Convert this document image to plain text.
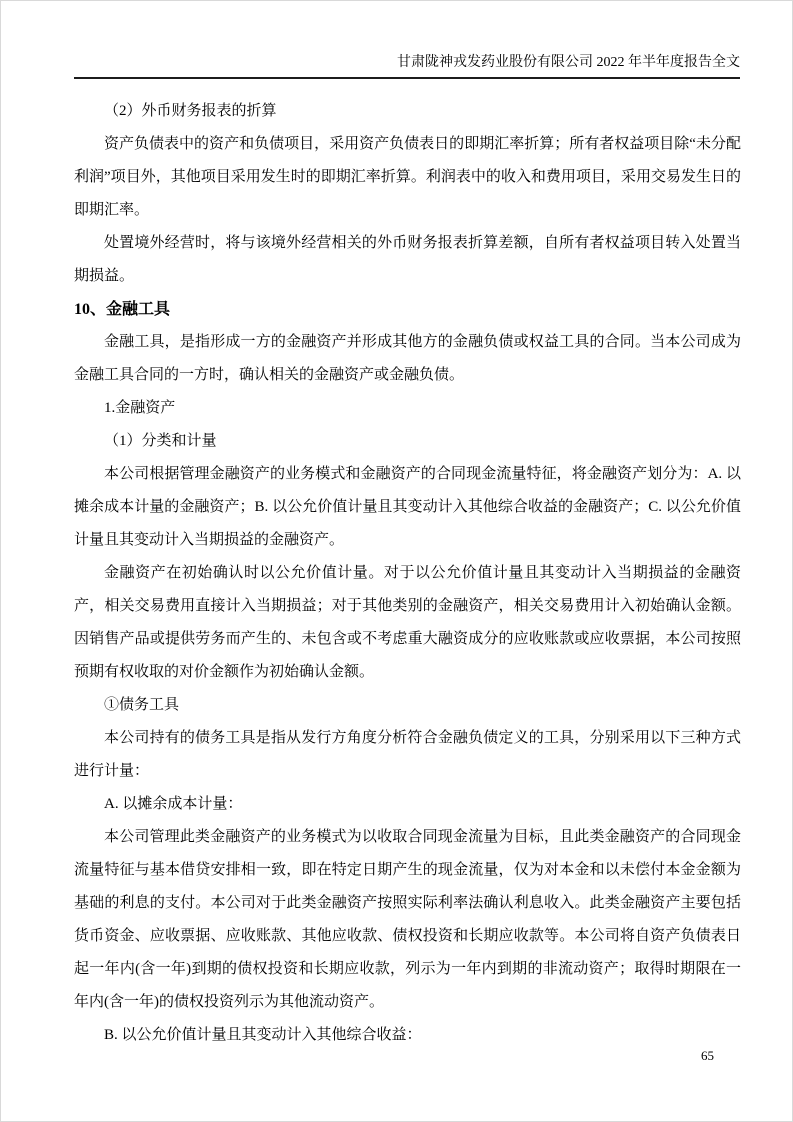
甘肃陇神戎发药业股份有限公司 2022 年半年度报告全文

（2）外币财务报表的折算

资产负债表中的资产和负债项目，采用资产负债表日的即期汇率折算；所有者权益项目除“未分配利润”项目外，其他项目采用发生时的即期汇率折算。利润表中的收入和费用项目，采用交易发生日的即期汇率。

处置境外经营时，将与该境外经营相关的外币财务报表折算差额，自所有者权益项目转入处置当期损益。

10、金融工具

金融工具，是指形成一方的金融资产并形成其他方的金融负债或权益工具的合同。当本公司成为金融工具合同的一方时，确认相关的金融资产或金融负债。

1.金融资产

（1）分类和计量

本公司根据管理金融资产的业务模式和金融资产的合同现金流量特征，将金融资产划分为：A. 以摊余成本计量的金融资产；B. 以公允价值计量且其变动计入其他综合收益的金融资产；C. 以公允价值计量且其变动计入当期损益的金融资产。

金融资产在初始确认时以公允价值计量。对于以公允价值计量且其变动计入当期损益的金融资产，相关交易费用直接计入当期损益；对于其他类别的金融资产，相关交易费用计入初始确认金额。因销售产品或提供劳务而产生的、未包含或不考虑重大融资成分的应收账款或应收票据，本公司按照预期有权收取的对价金额作为初始确认金额。

①债务工具

本公司持有的债务工具是指从发行方角度分析符合金融负债定义的工具，分别采用以下三种方式进行计量：

A. 以摊余成本计量：

本公司管理此类金融资产的业务模式为以收取合同现金流量为目标，且此类金融资产的合同现金流量特征与基本借贷安排相一致，即在特定日期产生的现金流量，仅为对本金和以未偿付本金金额为基础的利息的支付。本公司对于此类金融资产按照实际利率法确认利息收入。此类金融资产主要包括货币资金、应收票据、应收账款、其他应收款、债权投资和长期应收款等。本公司将自资产负债表日起一年内(含一年)到期的债权投资和长期应收款，列示为一年内到期的非流动资产；取得时期限在一年内(含一年)的债权投资列示为其他流动资产。

B. 以公允价值计量且其变动计入其他综合收益：

65
